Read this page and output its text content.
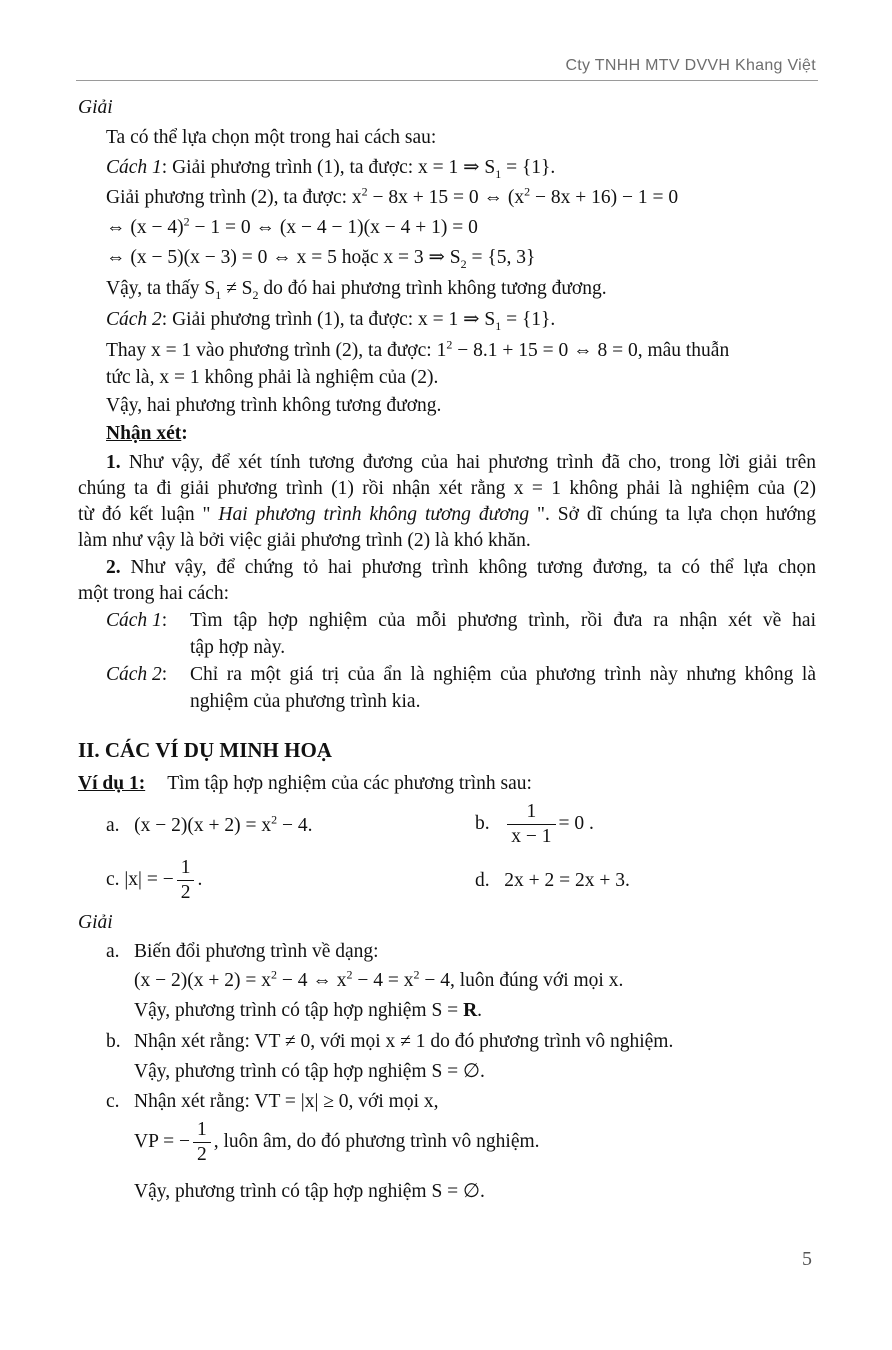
Cty TNHH MTV DVVH Khang Việt
Giải
Ta có thể lựa chọn một trong hai cách sau:
Cách 1: Giải phương trình (1), ta được: x = 1 ⇒ $S_1 = \{1\}$.
Giải phương trình (2), ta được: $x^2 - 8x + 15 = 0$ ⇔ $(x^2 - 8x + 16) - 1 = 0$
⇔ $(x - 4)^2 - 1 = 0$ ⇔ (x − 4 − 1)(x − 4 + 1) = 0
⇔ (x − 5)(x − 3) = 0 ⇔ x = 5 hoặc x = 3 ⇒ $S_2 = \{5$, 3}
Vậy, ta thấy $S_1 \ne S_2$ do đó hai phương trình không tương đương.
Cách 2: Giải phương trình (1), ta được: x = 1 ⇒ $S_1 = \{1\}$.
Thay x = 1 vào phương trình (2), ta được: $1^2 - 8.1 + 15 = 0$ ⇔ 8 = 0, mâu thuẫn
tức là, x = 1 không phải là nghiệm của (2).
Vậy, hai phương trình không tương đương.
Nhận xét:
1. Như vậy, để xét tính tương đương của hai phương trình đã cho, trong lời giải trên
chúng ta đi giải phương trình (1) rồi nhận xét rằng x = 1 không phải là nghiệm của (2)
từ đó kết luận " Hai phương trình không tương đương ". Sở dĩ chúng ta lựa chọn hướng
làm như vậy là bởi việc giải phương trình (2) là khó khăn.
2. Như vậy, để chứng tỏ hai phương trình không tương đương, ta có thể lựa chọn
một trong hai cách:
Cách 1: Tìm tập hợp nghiệm của mỗi phương trình, rồi đưa ra nhận xét về hai
tập hợp này.
Cách 2: Chỉ ra một giá trị của ẩn là nghiệm của phương trình này nhưng không là
nghiệm của phương trình kia.
II. CÁC VÍ DỤ MINH HOẠ
Ví dụ 1: Tìm tập hợp nghiệm của các phương trình sau:
a. $(x - 2)(x + 2) = x^2 - 4$.	b. $\frac{1}{x - 1} = 0$ .
c. |x| = − $\frac{1}{2}$ .	d. 2x + 2 = 2x + 3.
Giải
a. Biến đổi phương trình về dạng:
$(x - 2)(x + 2) = x^2 - 4$ ⇔ $x^2 - 4 = x^2 - 4$, luôn đúng với mọi x.
Vậy, phương trình có tập hợp nghiệm S = R.
b. Nhận xét rằng: VT ≠ 0, với mọi x ≠ 1 do đó phương trình vô nghiệm.
Vậy, phương trình có tập hợp nghiệm S = ∅.
c. Nhận xét rằng: VT = |x| ≥ 0, với mọi x,
VP = − $\frac{1}{2}$ , luôn âm, do đó phương trình vô nghiệm.
Vậy, phương trình có tập hợp nghiệm S = ∅.
5
